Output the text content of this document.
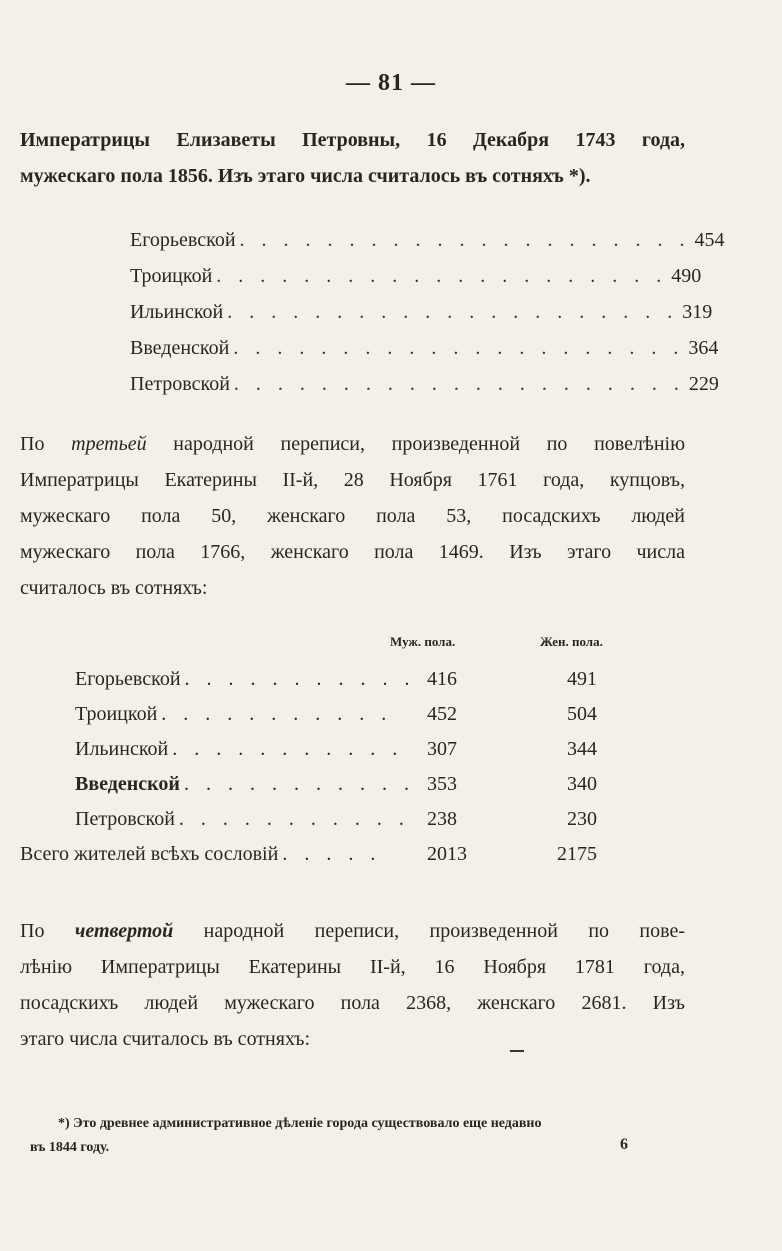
— 81 —
Императрицы Елизаветы Петровны, 16 Декабря 1743 года,
мужескаго пола 1856. Изъ этаго числа считалось въ сотняхъ *).
Егорьевской . . . . . . . . . . . . . . . . . . . . . 454
Троицкой . . . . . . . . . . . . . . . . . . . . . 490
Ильинской . . . . . . . . . . . . . . . . . . . . . 319
Введенской . . . . . . . . . . . . . . . . . . . . . 364
Петровской . . . . . . . . . . . . . . . . . . . . . 229
По третьей народной переписи, произведенной по повелѣнію
Императрицы Екатерины II-й, 28 Ноября 1761 года, купцовъ,
мужескаго пола 50, женскаго пола 53, посадскихъ людей
мужескаго пола 1766, женскаго пола 1469. Изъ этаго числа
считалось въ сотняхъ:
Муж. пола.	Жен. пола.
Егорьевской . . . . . . . . . . . 416	491
Троицкой . . . . . . . . . . .	452	504
Ильинской . . . . . . . . . . .	307	344
Введенской . . . . . . . . . . . 353	340
Петровской . . . . . . . . . . . 238	230
Всего жителей всѣхъ сословій . . . . .	2013	2175
По четвертой народной переписи, произведенной по пове-
лѣнію Императрицы Екатерины II-й, 16 Ноября 1781 года,
посадскихъ людей мужескаго пола 2368, женскаго 2681. Изъ
этаго числа считалось въ сотняхъ:
*) Это древнее административное дѣленіе города существовало еще недавно
въ 1844 году.	6
